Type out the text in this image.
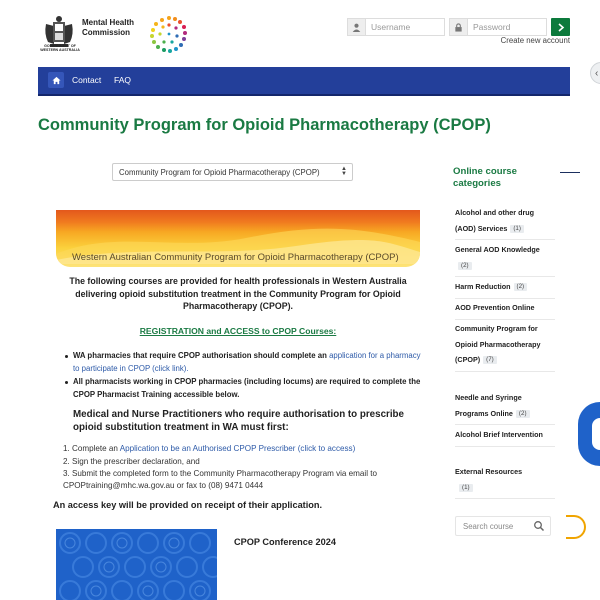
Mental Health
Commission
GOVERNMENT OF
WESTERN AUSTRALIA
Username	Password
Create new account
Contact FAQ
‹
Community Program for Opioid Pharmacotherapy (CPOP)
Community Program for Opioid Pharmacotherapy (CPOP)	▲
▼
Western Australian Community Program for Opioid Pharmacotherapy (CPOP)
The following courses are provided for health professionals in Western Australia delivering opioid substitution treatment in the Community Program for Opioid Pharmacotherapy (CPOP).
REGISTRATION and ACCESS to CPOP Courses:
WA pharmacies that require CPOP authorisation should complete an application for a pharmacy to participate in CPOP (click link).
All pharmacists working in CPOP pharmacies (including locums) are required to complete the CPOP Pharmacist Training accessible below.
Medical and Nurse Practitioners who require authorisation to prescribe opioid substitution treatment in WA must first:
1. Complete an Application to be an Authorised CPOP Prescriber (click to access)
2. Sign the prescriber declaration, and
3. Submit the completed form to the Community Pharmacotherapy Program via email to CPOPtraining@mhc.wa.gov.au or fax to (08) 9471 0444
An access key will be provided on receipt of their application.
CPOP Conference 2024
Online course categories
Alcohol and other drug (AOD) Services (1)
General AOD Knowledge(2)
Harm Reduction (2)
AOD Prevention Online
Community Program for Opioid Pharmacotherapy (CPOP) (7)
Needle and Syringe Programs Online (2)
Alcohol Brief Intervention
External Resources
(1)
Search course
